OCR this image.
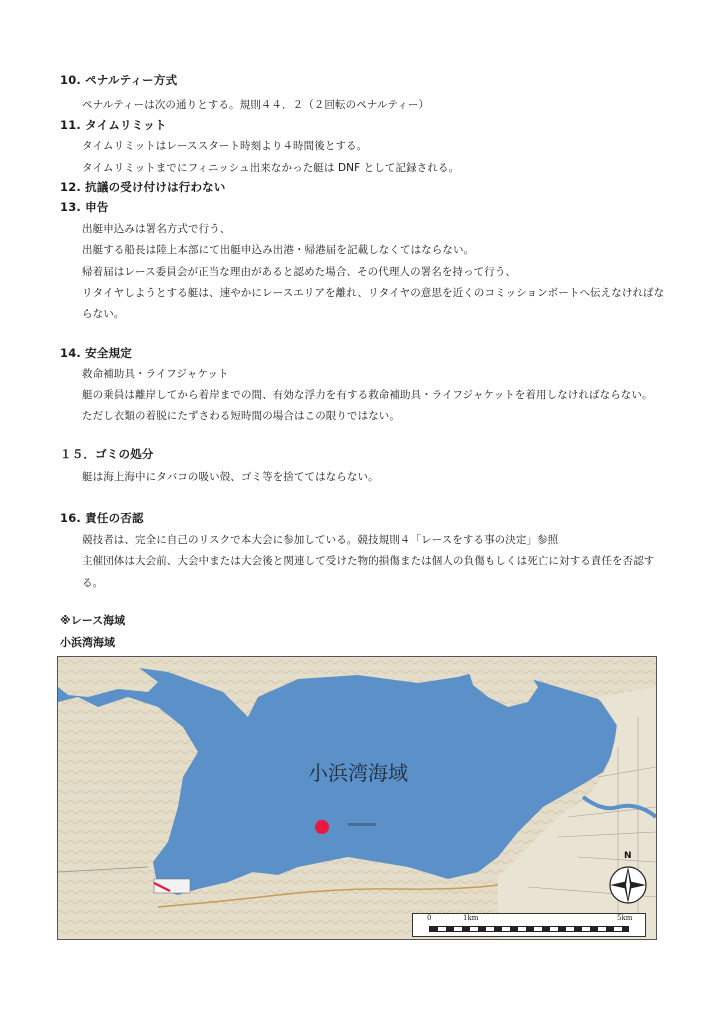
10. ペナルティー方式
ペナルティーは次の通りとする。規則４４．２（２回転のペナルティー）
11. タイムリミット
タイムリミットはレーススタート時刻より４時間後とする。
タイムリミットまでにフィニッシュ出来なかった艇は DNF として記録される。
12. 抗議の受け付けは行わない
13. 申告
出艇申込みは署名方式で行う、
出艇する船長は陸上本部にて出艇申込み出港・帰港届を記載しなくてはならない。
帰着届はレース委員会が正当な理由があると認めた場合、その代理人の署名を持って行う、
リタイヤしようとする艇は、速やかにレースエリアを離れ、リタイヤの意思を近くのコミッションボートへ伝えなければな
らない。
14. 安全規定
救命補助具・ライフジャケット
艇の乗員は離岸してから着岸までの間、有効な浮力を有する救命補助具・ライフジャケットを着用しなければならない。
ただし衣類の着脱にたずさわる短時間の場合はこの限りではない。
１５．ゴミの処分
艇は海上海中にタバコの吸い殻、ゴミ等を捨ててはならない。
16. 責任の否認
競技者は、完全に自己のリスクで本大会に参加している。競技規則４「レースをする事の決定」参照
主催団体は大会前、大会中または大会後と関連して受けた物的損傷または個人の負傷もしくは死亡に対する責任を否認す
る。
※レース海域
小浜湾海域
小浜湾海域
N
0	1km	5km
